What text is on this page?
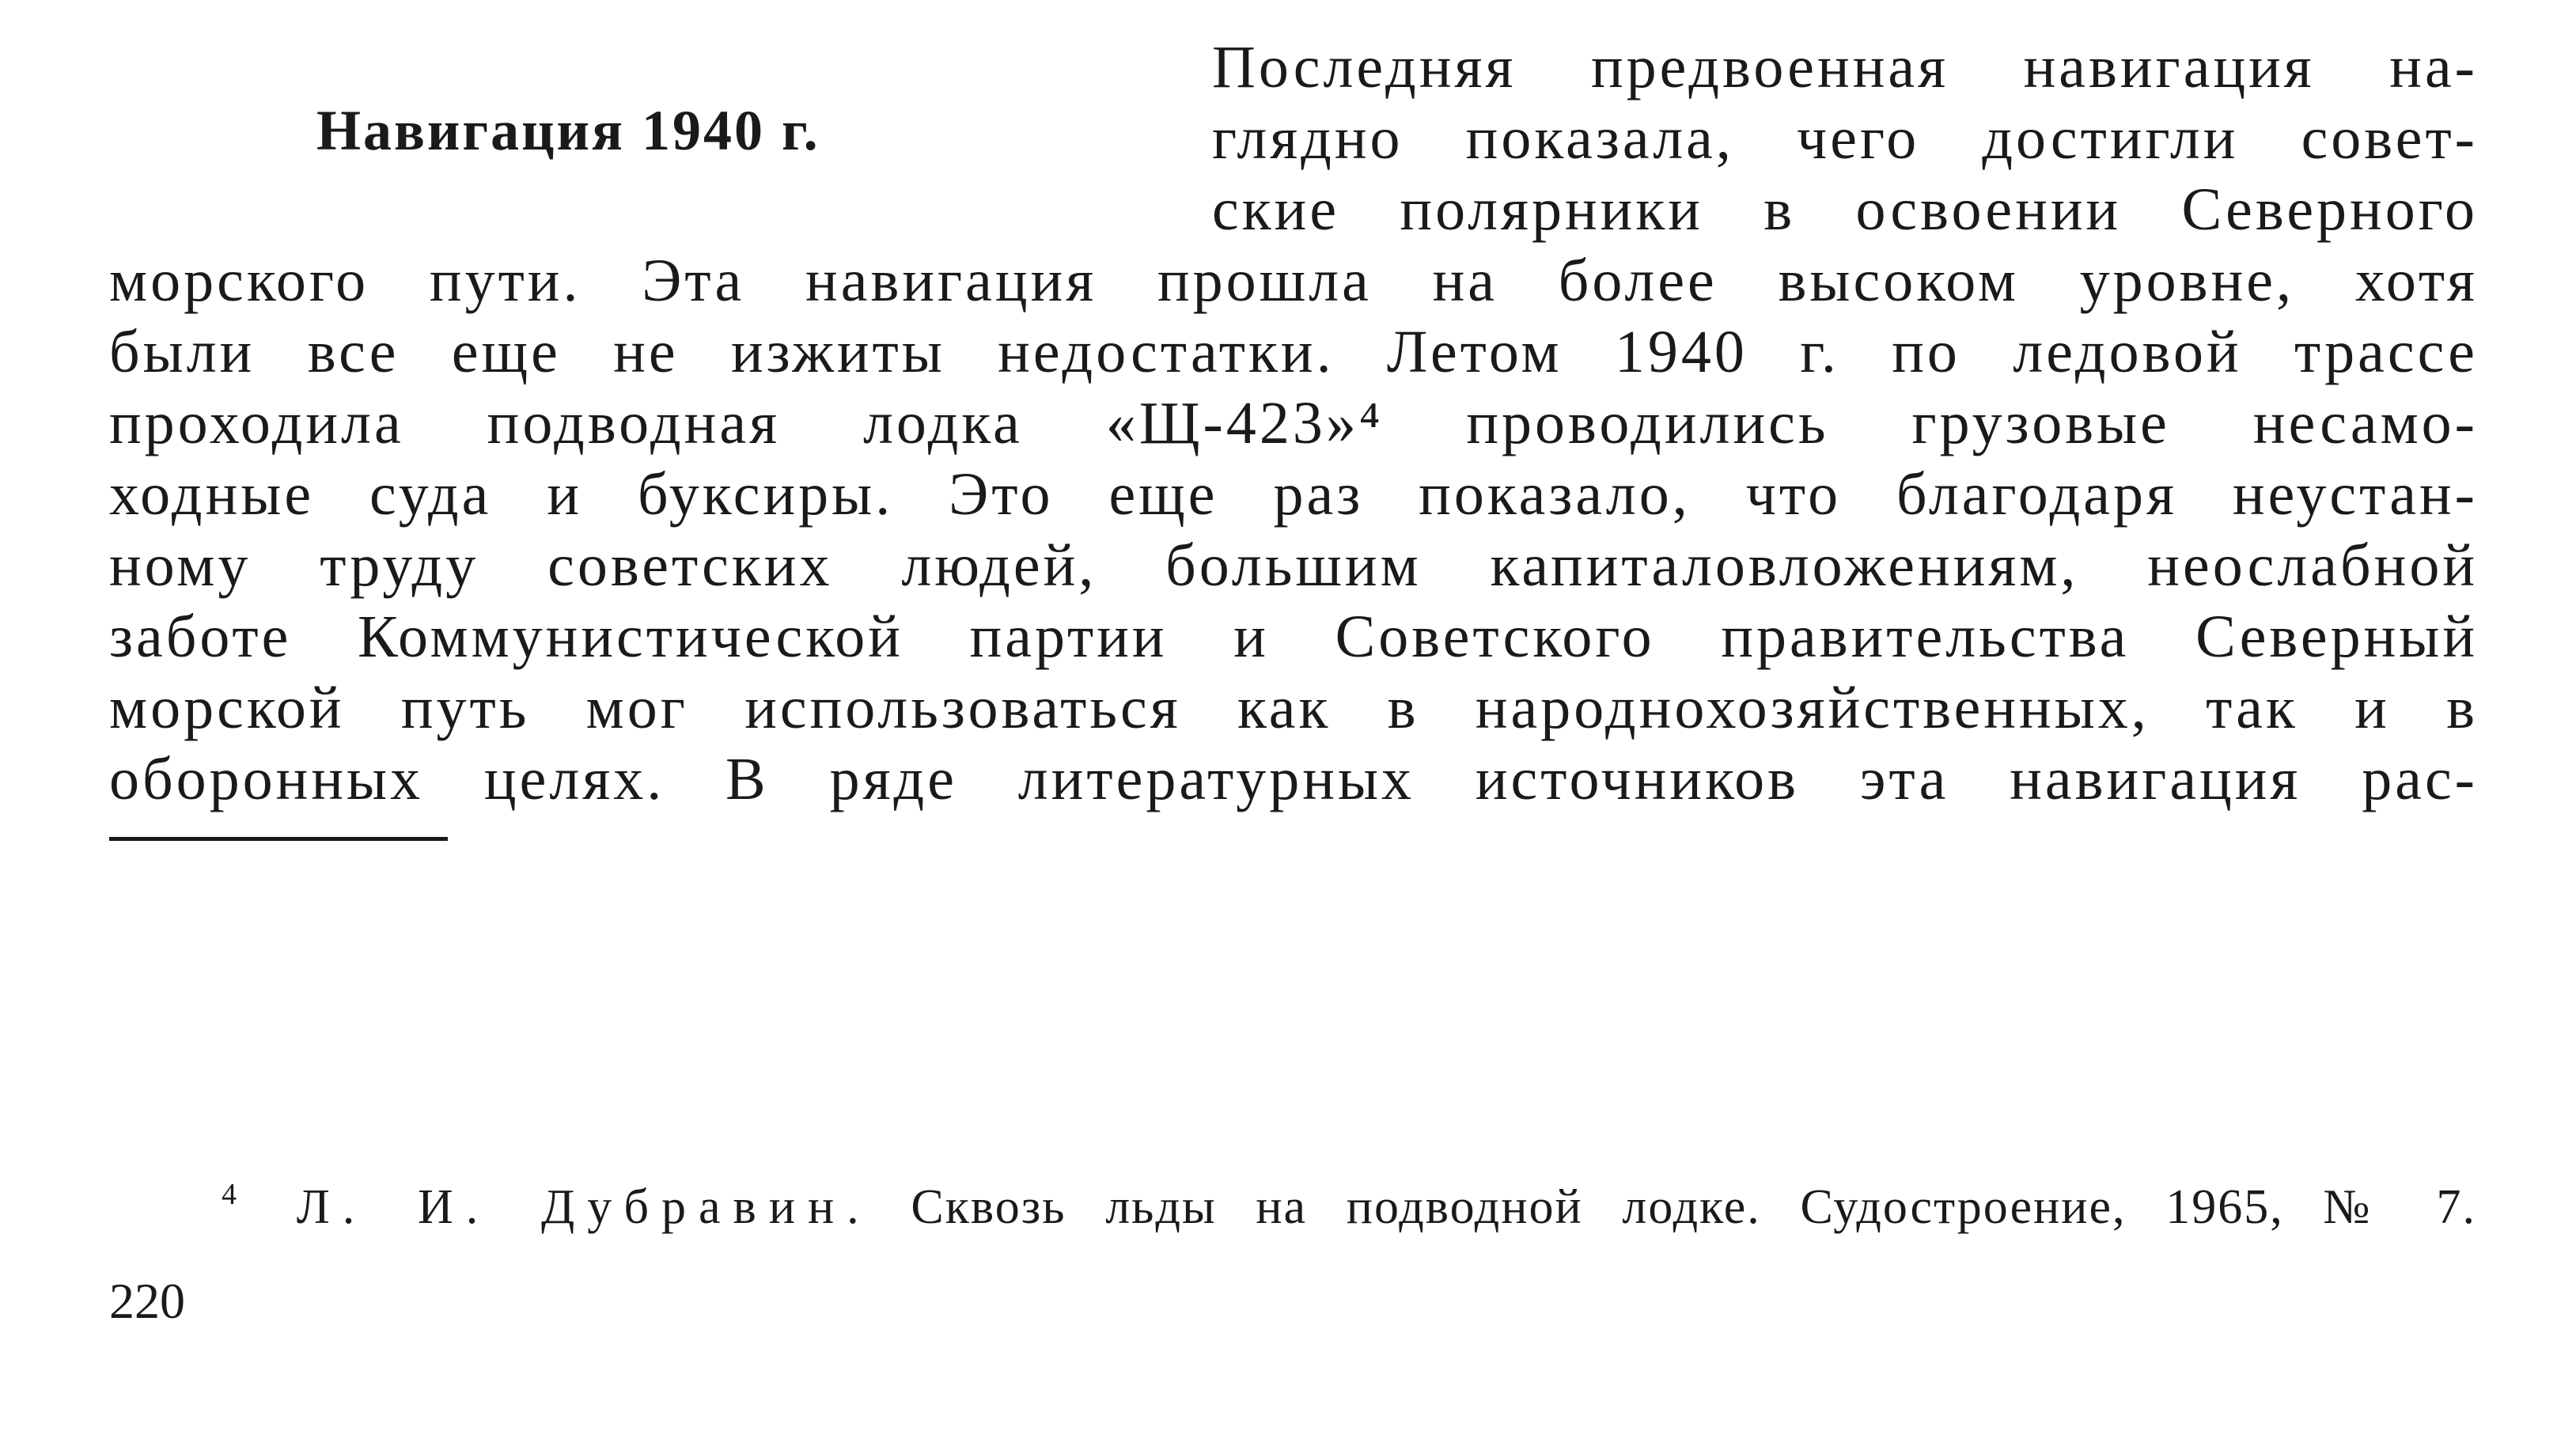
Навигация 1940 г.
Последняя предвоенная навигация на-
глядно показала, чего достигли совет-
ские полярники в освоении Северного
морского пути. Эта навигация прошла на более высоком уровне, хотя
были все еще не изжиты недостатки. Летом 1940 г. по ледовой трассе
проходила подводная лодка «Щ-423»⁴ проводились грузовые несамо-
ходные суда и буксиры. Это еще раз показало, что благодаря неустан-
ному труду советских людей, большим капиталовложениям, неослабной
заботе Коммунистической партии и Советского правительства Северный
морской путь мог использоваться как в народнохозяйственных, так и в
оборонных целях. В ряде литературных источников эта навигация рас-
$^4$ Л. И. Дубравин. Сквозь льды на подводной лодке. Судостроение, 1965, № 7.
220
